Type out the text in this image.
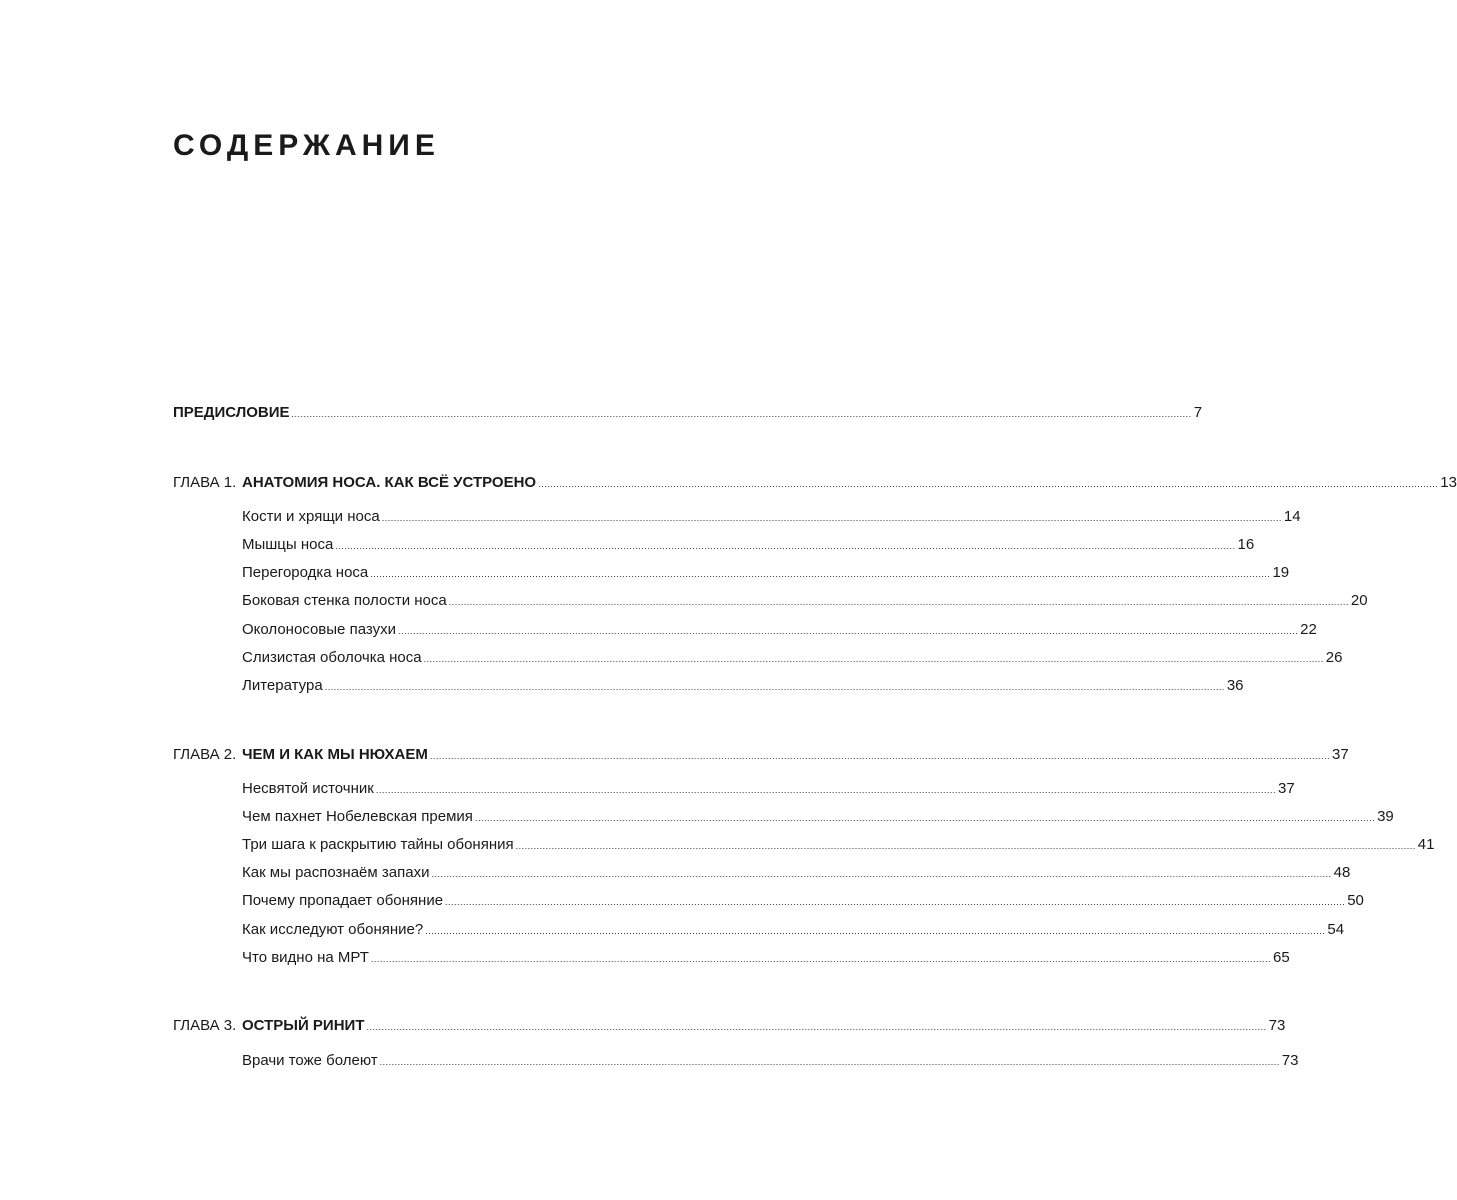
СОДЕРЖАНИЕ
ПРЕДИСЛОВИЕ ............................................................................................................................................................................................................................................................................................................ 7
ГЛАВА 1. АНАТОМИЯ НОСА. КАК ВСЁ УСТРОЕНО ............................................................................................................................................................................................................................................................................................................ 13
Кости и хрящи носа ............................................................................................................................................................................................................................................................................................................ 14
Мышцы носа ............................................................................................................................................................................................................................................................................................................ 16
Перегородка носа ............................................................................................................................................................................................................................................................................................................ 19
Боковая стенка полости носа ............................................................................................................................................................................................................................................................................................................ 20
Околоносовые пазухи ............................................................................................................................................................................................................................................................................................................ 22
Слизистая оболочка носа ............................................................................................................................................................................................................................................................................................................ 26
Литература ............................................................................................................................................................................................................................................................................................................ 36
ГЛАВА 2. ЧЕМ И КАК МЫ НЮХАЕМ ............................................................................................................................................................................................................................................................................................................ 37
Несвятой источник ............................................................................................................................................................................................................................................................................................................ 37
Чем пахнет Нобелевская премия ............................................................................................................................................................................................................................................................................................................ 39
Три шага к раскрытию тайны обоняния ............................................................................................................................................................................................................................................................................................................ 41
Как мы распознаём запахи ............................................................................................................................................................................................................................................................................................................ 48
Почему пропадает обоняние ............................................................................................................................................................................................................................................................................................................ 50
Как исследуют обоняние? ............................................................................................................................................................................................................................................................................................................ 54
Что видно на МРТ ............................................................................................................................................................................................................................................................................................................ 65
ГЛАВА 3. ОСТРЫЙ РИНИТ ............................................................................................................................................................................................................................................................................................................ 73
Врачи тоже болеют ............................................................................................................................................................................................................................................................................................................ 73
